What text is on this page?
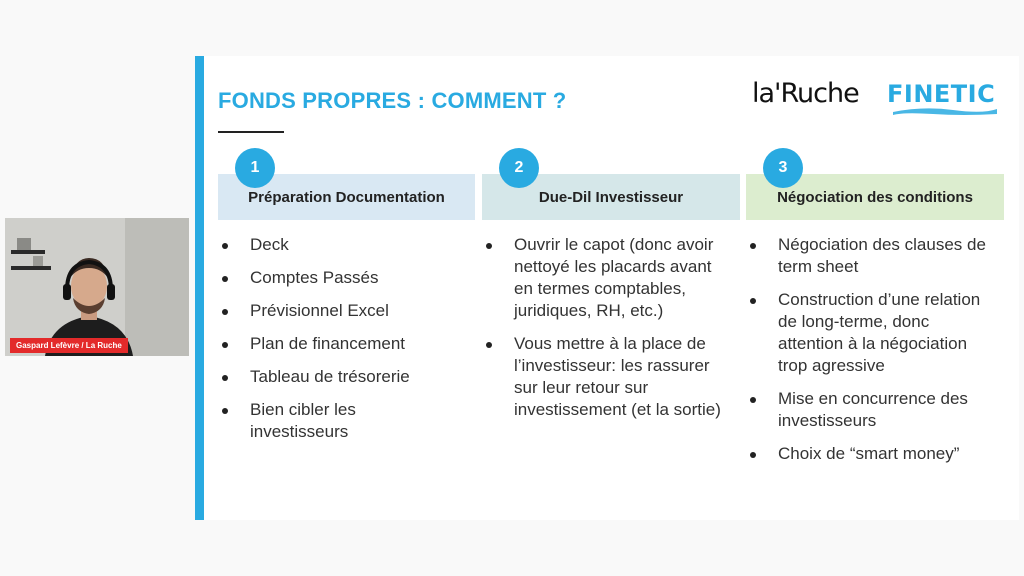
FONDS PROPRES : COMMENT ?	la'Ruche FINETIC
Préparation Documentation
1
Deck
Comptes Passés
Prévisionnel Excel
Plan de financement
Tableau de trésorerie
Bien cibler les investisseurs
Due-Dil Investisseur
2
Ouvrir le capot (donc avoir nettoyé les placards avant en termes comptables, juridiques, RH, etc.)
Vous mettre à la place de l’investisseur: les rassurer sur leur retour sur investissement (et la sortie)
Négociation des conditions
3
Négociation des clauses de term sheet
Construction d’une relation de long-terme, donc attention à la négociation trop agressive
Mise en concurrence des investisseurs
Choix de “smart money”
Gaspard Lefèvre / La Ruche
